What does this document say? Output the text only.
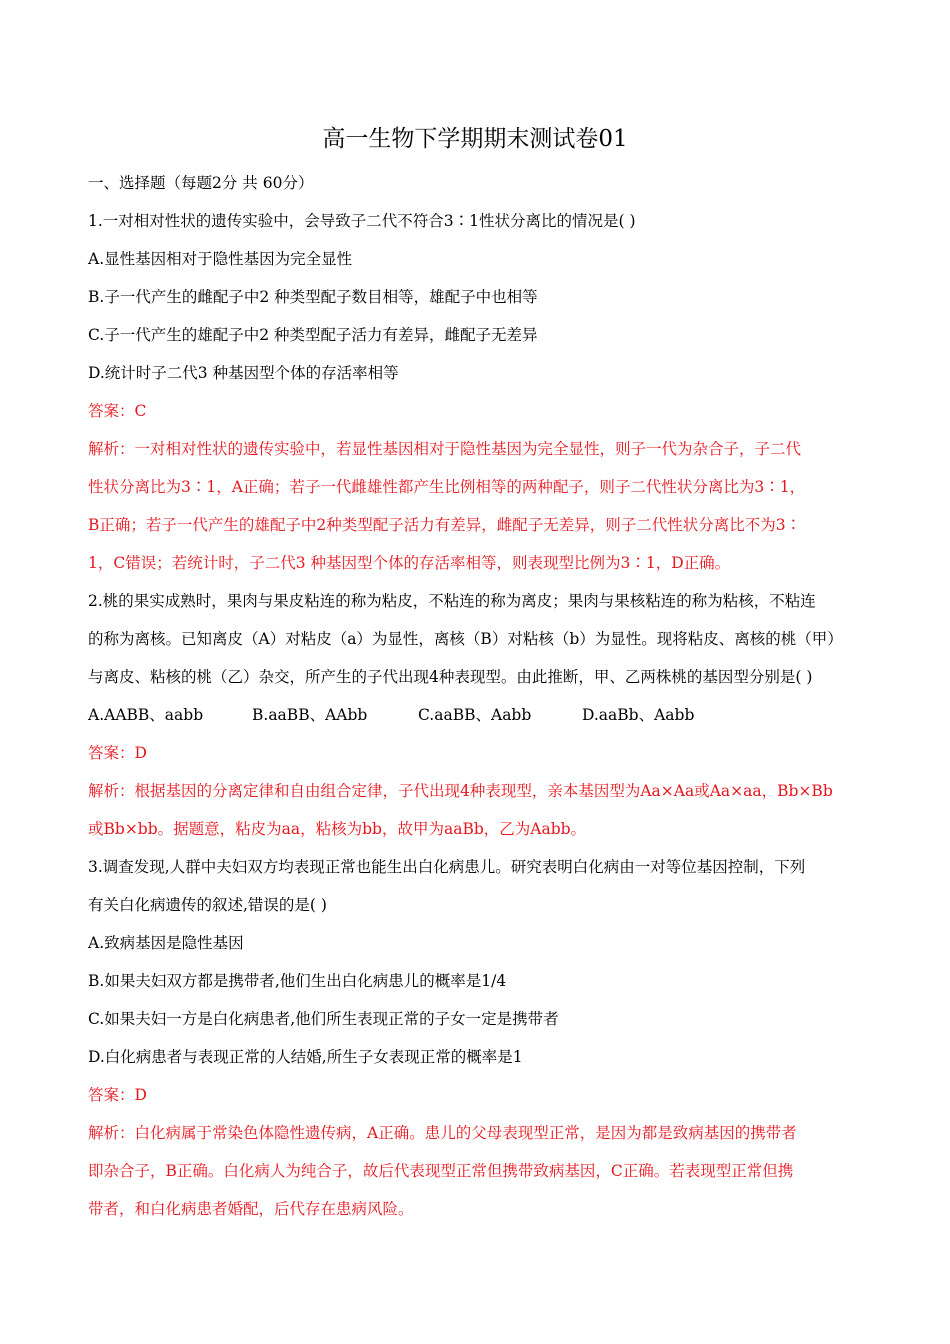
高一生物下学期期末测试卷01
一、选择题（每题2分 共 60分）
1.一对相对性状的遗传实验中，会导致子二代不符合3∶1性状分离比的情况是( )
A.显性基因相对于隐性基因为完全显性
B.子一代产生的雌配子中2 种类型配子数目相等，雄配子中也相等
C.子一代产生的雄配子中2 种类型配子活力有差异，雌配子无差异
D.统计时子二代3 种基因型个体的存活率相等
答案：C
解析：一对相对性状的遗传实验中，若显性基因相对于隐性基因为完全显性，则子一代为杂合子，子二代
性状分离比为3∶1，A正确；若子一代雌雄性都产生比例相等的两种配子，则子二代性状分离比为3∶1，
B正确；若子一代产生的雄配子中2种类型配子活力有差异，雌配子无差异，则子二代性状分离比不为3∶
1，C错误；若统计时，子二代3 种基因型个体的存活率相等，则表现型比例为3∶1，D正确。
2.桃的果实成熟时，果肉与果皮粘连的称为粘皮，不粘连的称为离皮；果肉与果核粘连的称为粘核，不粘连
的称为离核。已知离皮（A）对粘皮（a）为显性，离核（B）对粘核（b）为显性。现将粘皮、离核的桃（甲）
与离皮、粘核的桃（乙）杂交，所产生的子代出现4种表现型。由此推断，甲、乙两株桃的基因型分别是( )
A.AABB、aabb	B.aaBB、AAbb	C.aaBB、Aabb	D.aaBb、Aabb
答案：D
解析：根据基因的分离定律和自由组合定律，子代出现4种表现型，亲本基因型为Aa×Aa或Aa×aa，Bb×Bb
或Bb×bb。据题意，粘皮为aa，粘核为bb，故甲为aaBb，乙为Aabb。
3.调查发现,人群中夫妇双方均表现正常也能生出白化病患儿。研究表明白化病由一对等位基因控制，下列
有关白化病遗传的叙述,错误的是( )
A.致病基因是隐性基因
B.如果夫妇双方都是携带者,他们生出白化病患儿的概率是1/4
C.如果夫妇一方是白化病患者,他们所生表现正常的子女一定是携带者
D.白化病患者与表现正常的人结婚,所生子女表现正常的概率是1
答案：D
解析：白化病属于常染色体隐性遗传病，A正确。患儿的父母表现型正常，是因为都是致病基因的携带者
即杂合子，B正确。白化病人为纯合子，故后代表现型正常但携带致病基因，C正确。若表现型正常但携
带者，和白化病患者婚配，后代存在患病风险。
